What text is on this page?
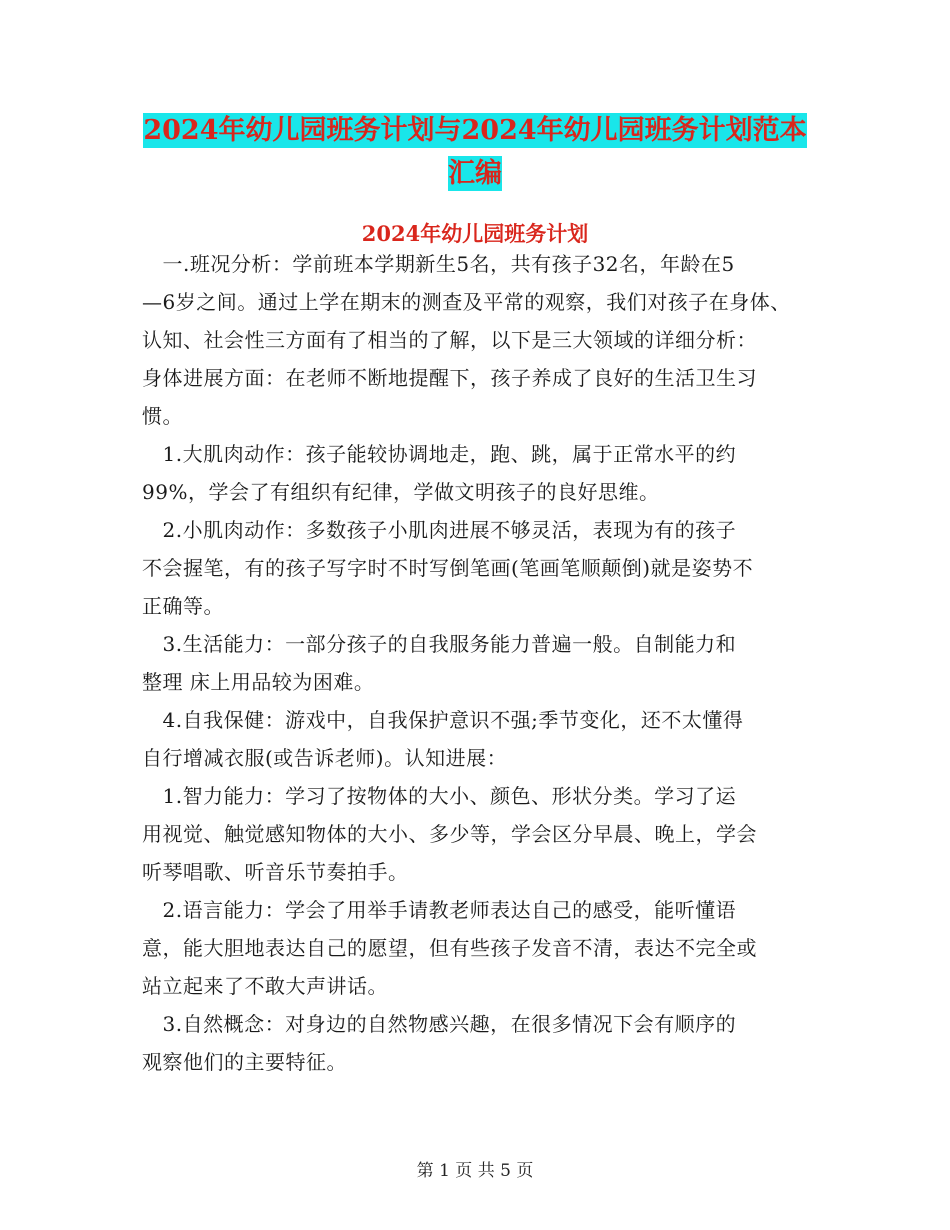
2024年幼儿园班务计划与2024年幼儿园班务计划范本
汇编
2024年幼儿园班务计划
　一.班况分析：学前班本学期新生5名，共有孩子32名，年龄在5
—6岁之间。通过上学在期末的测查及平常的观察，我们对孩子在身体、
认知、社会性三方面有了相当的了解，以下是三大领域的详细分析：
身体进展方面：在老师不断地提醒下，孩子养成了良好的生活卫生习
惯。
　1.大肌肉动作：孩子能较协调地走，跑、跳，属于正常水平的约
99%，学会了有组织有纪律，学做文明孩子的良好思维。
　2.小肌肉动作：多数孩子小肌肉进展不够灵活，表现为有的孩子
不会握笔，有的孩子写字时不时写倒笔画(笔画笔顺颠倒)就是姿势不
正确等。
　3.生活能力：一部分孩子的自我服务能力普遍一般。自制能力和
整理 床上用品较为困难。
　4.自我保健：游戏中，自我保护意识不强;季节变化，还不太懂得
自行增减衣服(或告诉老师)。认知进展：
　1.智力能力：学习了按物体的大小、颜色、形状分类。学习了运
用视觉、触觉感知物体的大小、多少等，学会区分早晨、晚上，学会
听琴唱歌、听音乐节奏拍手。
　2.语言能力：学会了用举手请教老师表达自己的感受，能听懂语
意，能大胆地表达自己的愿望，但有些孩子发音不清，表达不完全或
站立起来了不敢大声讲话。
　3.自然概念：对身边的自然物感兴趣，在很多情况下会有顺序的
观察他们的主要特征。
第 1 页 共 5 页
